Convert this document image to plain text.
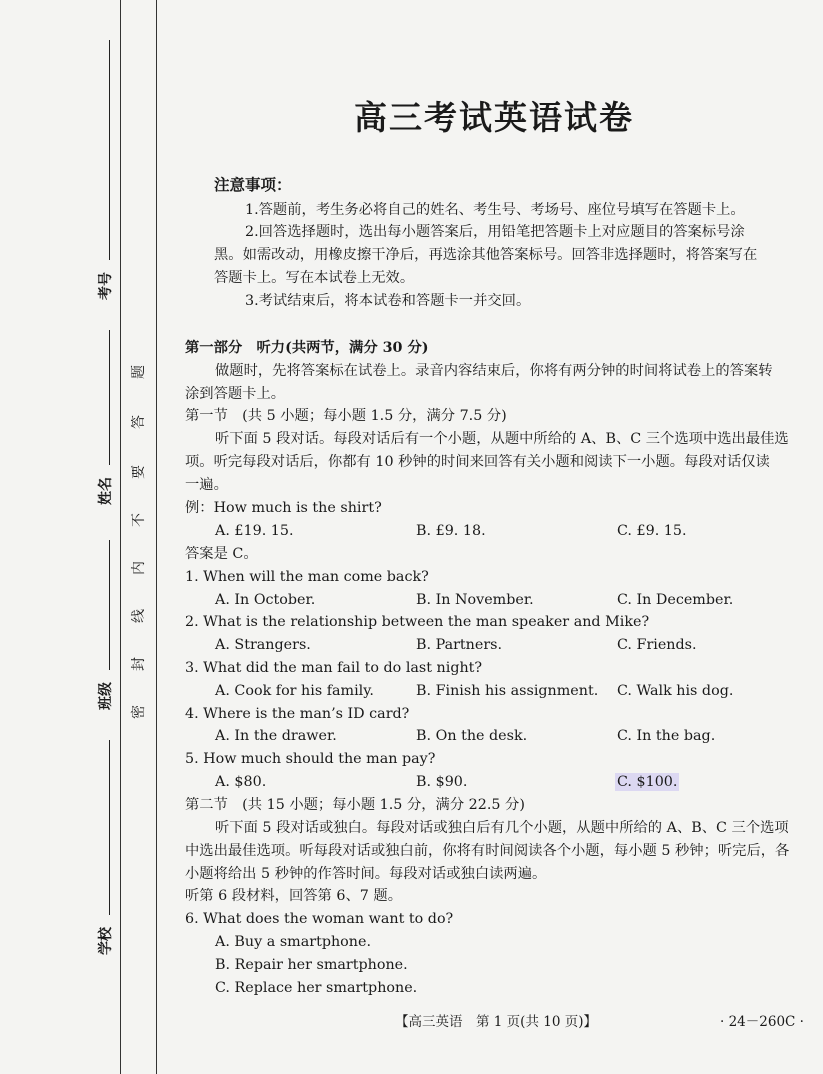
考号
姓名
班级
学校
题
答
要
不
内
线
封
密
高三考试英语试卷
注意事项：
1.答题前，考生务必将自己的姓名、考生号、考场号、座位号填写在答题卡上。
2.回答选择题时，选出每小题答案后，用铅笔把答题卡上对应题目的答案标号涂
黑。如需改动，用橡皮擦干净后，再选涂其他答案标号。回答非选择题时，将答案写在
答题卡上。写在本试卷上无效。
3.考试结束后，将本试卷和答题卡一并交回。
第一部分　听力(共两节，满分 30 分)
做题时，先将答案标在试卷上。录音内容结束后，你将有两分钟的时间将试卷上的答案转
涂到答题卡上。
第一节　(共 5 小题；每小题 1.5 分，满分 7.5 分)
听下面 5 段对话。每段对话后有一个小题，从题中所给的 A、B、C 三个选项中选出最佳选
项。听完每段对话后，你都有 10 秒钟的时间来回答有关小题和阅读下一小题。每段对话仅读
一遍。
例：How much is the shirt?
A. £19. 15.	B. £9. 18.	C. £9. 15.
答案是 C。
1. When will the man come back?
A. In October.	B. In November.	C. In December.
2. What is the relationship between the man speaker and Mike?
A. Strangers.	B. Partners.	C. Friends.
3. What did the man fail to do last night?
A. Cook for his family.	B. Finish his assignment. C. Walk his dog.
4. Where is the man’s ID card?
A. In the drawer.	B. On the desk.	C. In the bag.
5. How much should the man pay?
A. $80.	B. $90.	C. $100.
第二节　(共 15 小题；每小题 1.5 分，满分 22.5 分)
听下面 5 段对话或独白。每段对话或独白后有几个小题，从题中所给的 A、B、C 三个选项
中选出最佳选项。听每段对话或独白前，你将有时间阅读各个小题，每小题 5 秒钟；听完后，各
小题将给出 5 秒钟的作答时间。每段对话或独白读两遍。
听第 6 段材料，回答第 6、7 题。
6. What does the woman want to do?
A. Buy a smartphone.
B. Repair her smartphone.
C. Replace her smartphone.
【高三英语　第 1 页(共 10 页)】	· 24－260C ·
